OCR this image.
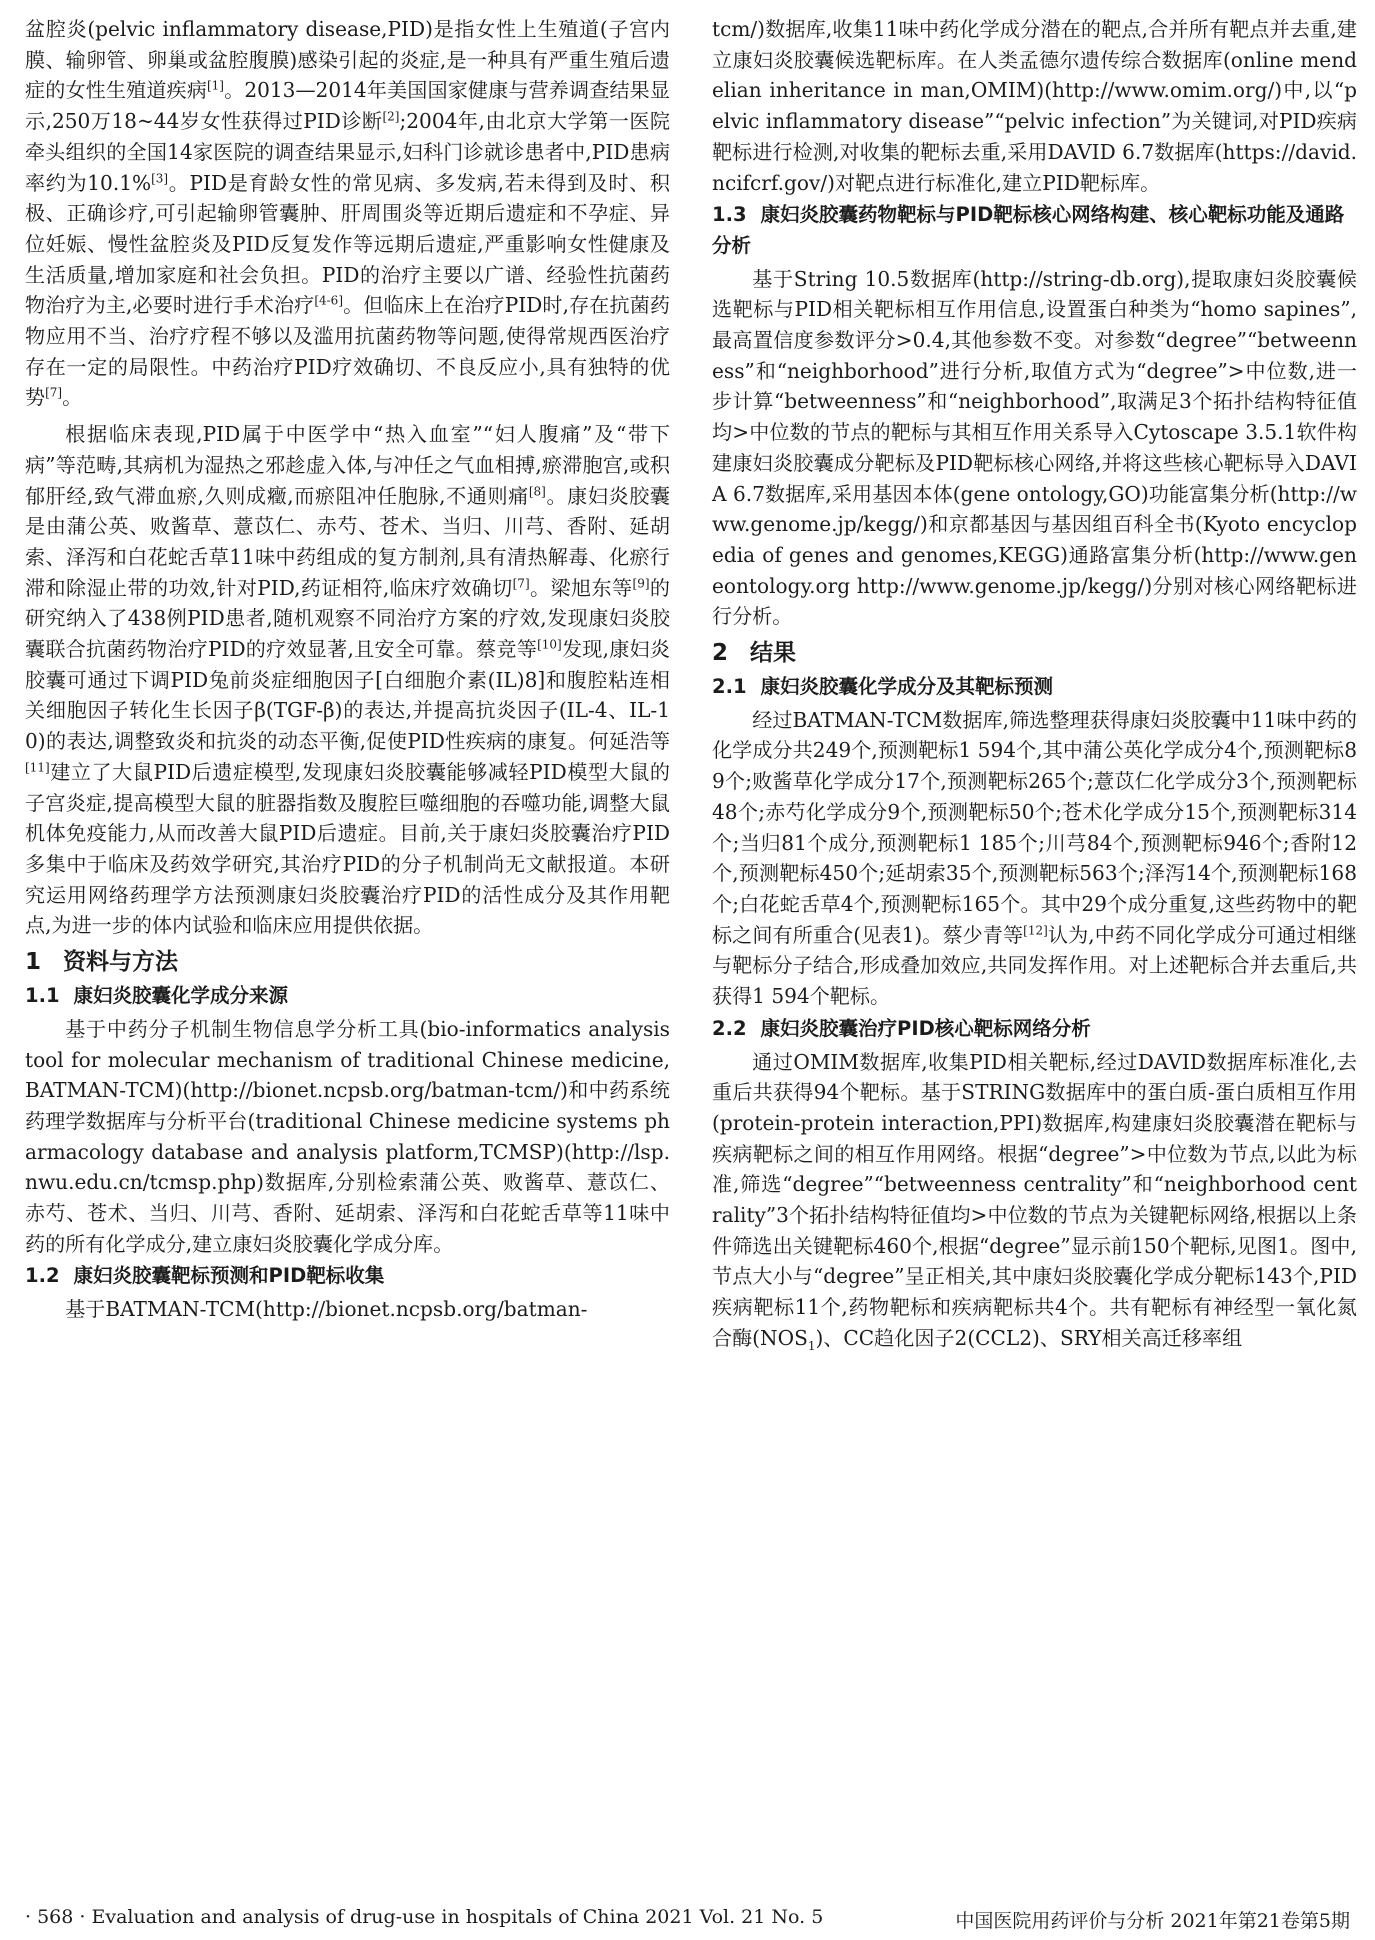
盆腔炎(pelvic inflammatory disease,PID)是指女性上生殖道(子宫内膜、输卵管、卵巢或盆腔腹膜)感染引起的炎症,是一种具有严重生殖后遗症的女性生殖道疾病[1]。2013—2014年美国国家健康与营养调查结果显示,250万18~44岁女性获得过PID诊断[2];2004年,由北京大学第一医院牵头组织的全国14家医院的调查结果显示,妇科门诊就诊患者中,PID患病率约为10.1%[3]。PID是育龄女性的常见病、多发病,若未得到及时、积极、正确诊疗,可引起输卵管囊肿、肝周围炎等近期后遗症和不孕症、异位妊娠、慢性盆腔炎及PID反复发作等远期后遗症,严重影响女性健康及生活质量,增加家庭和社会负担。PID的治疗主要以广谱、经验性抗菌药物治疗为主,必要时进行手术治疗[4-6]。但临床上在治疗PID时,存在抗菌药物应用不当、治疗疗程不够以及滥用抗菌药物等问题,使得常规西医治疗存在一定的局限性。中药治疗PID疗效确切、不良反应小,具有独特的优势[7]。

根据临床表现,PID属于中医学中“热入血室”“妇人腹痛”及“带下病”等范畴,其病机为湿热之邪趁虚入体,与冲任之气血相搏,瘀滞胞宫,或积郁肝经,致气滞血瘀,久则成癥,而瘀阻冲任胞脉,不通则痛[8]。康妇炎胶囊是由蒲公英、败酱草、薏苡仁、赤芍、苍术、当归、川芎、香附、延胡索、泽泻和白花蛇舌草11味中药组成的复方制剂,具有清热解毒、化瘀行滞和除湿止带的功效,针对PID,药证相符,临床疗效确切[7]。梁旭东等[9]的研究纳入了438例PID患者,随机观察不同治疗方案的疗效,发现康妇炎胶囊联合抗菌药物治疗PID的疗效显著,且安全可靠。蔡竞等[10]发现,康妇炎胶囊可通过下调PID兔前炎症细胞因子[白细胞介素(IL)8]和腹腔粘连相关细胞因子转化生长因子β(TGF-β)的表达,并提高抗炎因子(IL-4、IL-10)的表达,调整致炎和抗炎的动态平衡,促使PID性疾病的康复。何延浩等[11]建立了大鼠PID后遗症模型,发现康妇炎胶囊能够减轻PID模型大鼠的子宫炎症,提高模型大鼠的脏器指数及腹腔巨噬细胞的吞噬功能,调整大鼠机体免疫能力,从而改善大鼠PID后遗症。目前,关于康妇炎胶囊治疗PID多集中于临床及药效学研究,其治疗PID的分子机制尚无文献报道。本研究运用网络药理学方法预测康妇炎胶囊治疗PID的活性成分及其作用靶点,为进一步的体内试验和临床应用提供依据。

1 资料与方法
1.1 康妇炎胶囊化学成分来源

基于中药分子机制生物信息学分析工具(bio-informatics analysis tool for molecular mechanism of traditional Chinese medicine,BATMAN-TCM)(http://bionet.ncpsb.org/batman-tcm/)和中药系统药理学数据库与分析平台(traditional Chinese medicine systems pharmacology database and analysis platform,TCMSP)(http://lsp.nwu.edu.cn/tcmsp.php)数据库,分别检索蒲公英、败酱草、薏苡仁、赤芍、苍术、当归、川芎、香附、延胡索、泽泻和白花蛇舌草等11味中药的所有化学成分,建立康妇炎胶囊化学成分库。

1.2 康妇炎胶囊靶标预测和PID靶标收集

基于BATMAN-TCM(http://bionet.ncpsb.org/batman-

tcm/)数据库,收集11味中药化学成分潜在的靶点,合并所有靶点并去重,建立康妇炎胶囊候选靶标库。在人类孟德尔遗传综合数据库(online mendelian inheritance in man,OMIM)(http://www.omim.org/)中,以“pelvic inflammatory disease”“pelvic infection”为关键词,对PID疾病靶标进行检测,对收集的靶标去重,采用DAVID 6.7数据库(https://david.ncifcrf.gov/)对靶点进行标准化,建立PID靶标库。

1.3 康妇炎胶囊药物靶标与PID靶标核心网络构建、核心靶标功能及通路分析

基于String 10.5数据库(http://string-db.org),提取康妇炎胶囊候选靶标与PID相关靶标相互作用信息,设置蛋白种类为“homo sapines”,最高置信度参数评分>0.4,其他参数不变。对参数“degree”“betweenness”和“neighborhood”进行分析,取值方式为“degree”>中位数,进一步计算“betweenness”和“neighborhood”,取满足3个拓扑结构特征值均>中位数的节点的靶标与其相互作用关系导入Cytoscape 3.5.1软件构建康妇炎胶囊成分靶标及PID靶标核心网络,并将这些核心靶标导入DAVIA 6.7数据库,采用基因本体(gene ontology,GO)功能富集分析(http://www.genome.jp/kegg/)和京都基因与基因组百科全书(Kyoto encyclopedia of genes and genomes,KEGG)通路富集分析(http://www.geneontology.org http://www.genome.jp/kegg/)分别对核心网络靶标进行分析。

2 结果
2.1 康妇炎胶囊化学成分及其靶标预测

经过BATMAN-TCM数据库,筛选整理获得康妇炎胶囊中11味中药的化学成分共249个,预测靶标1 594个,其中蒲公英化学成分4个,预测靶标89个;败酱草化学成分17个,预测靶标265个;薏苡仁化学成分3个,预测靶标48个;赤芍化学成分9个,预测靶标50个;苍术化学成分15个,预测靶标314个;当归81个成分,预测靶标1 185个;川芎84个,预测靶标946个;香附12个,预测靶标450个;延胡索35个,预测靶标563个;泽泻14个,预测靶标168个;白花蛇舌草4个,预测靶标165个。其中29个成分重复,这些药物中的靶标之间有所重合(见表1)。蔡少青等[12]认为,中药不同化学成分可通过相继与靶标分子结合,形成叠加效应,共同发挥作用。对上述靶标合并去重后,共获得1 594个靶标。

2.2 康妇炎胶囊治疗PID核心靶标网络分析

通过OMIM数据库,收集PID相关靶标,经过DAVID数据库标准化,去重后共获得94个靶标。基于STRING数据库中的蛋白质-蛋白质相互作用(protein-protein interaction,PPI)数据库,构建康妇炎胶囊潜在靶标与疾病靶标之间的相互作用网络。根据“degree”>中位数为节点,以此为标准,筛选“degree”“betweenness centrality”和“neighborhood centrality”3个拓扑结构特征值均>中位数的节点为关键靶标网络,根据以上条件筛选出关键靶标460个,根据“degree”显示前150个靶标,见图1。图中,节点大小与“degree”呈正相关,其中康妇炎胶囊化学成分靶标143个,PID疾病靶标11个,药物靶标和疾病靶标共4个。共有靶标有神经型一氧化氮合酶$(NOS_1)$、CC趋化因子2(CCL2)、SRY相关高迁移率组

· 568 · Evaluation and analysis of drug-use in hospitals of China 2021 Vol. 21 No. 5	中国医院用药评价与分析 2021年第21卷第5期
